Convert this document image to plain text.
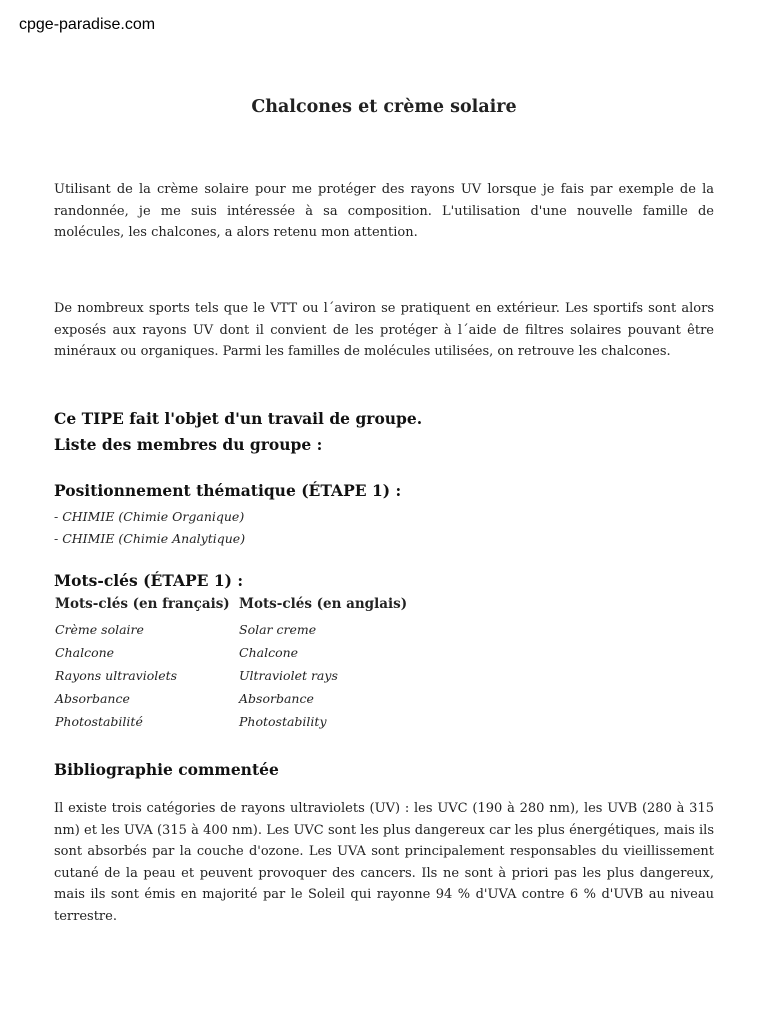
cpge-paradise.com
Chalcones et crème solaire
Utilisant de la crème solaire pour me protéger des rayons UV lorsque je fais par exemple de la randonnée, je me suis intéressée à sa composition. L'utilisation d'une nouvelle famille de molécules, les chalcones, a alors retenu mon attention.
De nombreux sports tels que le VTT ou l´aviron se pratiquent en extérieur. Les sportifs sont alors exposés aux rayons UV dont il convient de les protéger à l´aide de filtres solaires pouvant être minéraux ou organiques. Parmi les familles de molécules utilisées, on retrouve les chalcones.
Ce TIPE fait l'objet d'un travail de groupe.
Liste des membres du groupe :
Positionnement thématique (ÉTAPE 1) :
- CHIMIE (Chimie Organique)
- CHIMIE (Chimie Analytique)
Mots-clés (ÉTAPE 1) :
Mots-clés (en français)	Mots-clés (en anglais)
Crème solaire	Solar creme
Chalcone	Chalcone
Rayons ultraviolets	Ultraviolet rays
Absorbance	Absorbance
Photostabilité	Photostability
Bibliographie commentée
Il existe trois catégories de rayons ultraviolets (UV) : les UVC (190 à 280 nm), les UVB (280 à 315 nm) et les UVA (315 à 400 nm). Les UVC sont les plus dangereux car les plus énergétiques, mais ils sont absorbés par la couche d'ozone. Les UVA sont principalement responsables du vieillissement cutané de la peau et peuvent provoquer des cancers. Ils ne sont à priori pas les plus dangereux, mais ils sont émis en majorité par le Soleil qui rayonne 94 % d'UVA contre 6 % d'UVB au niveau terrestre.
